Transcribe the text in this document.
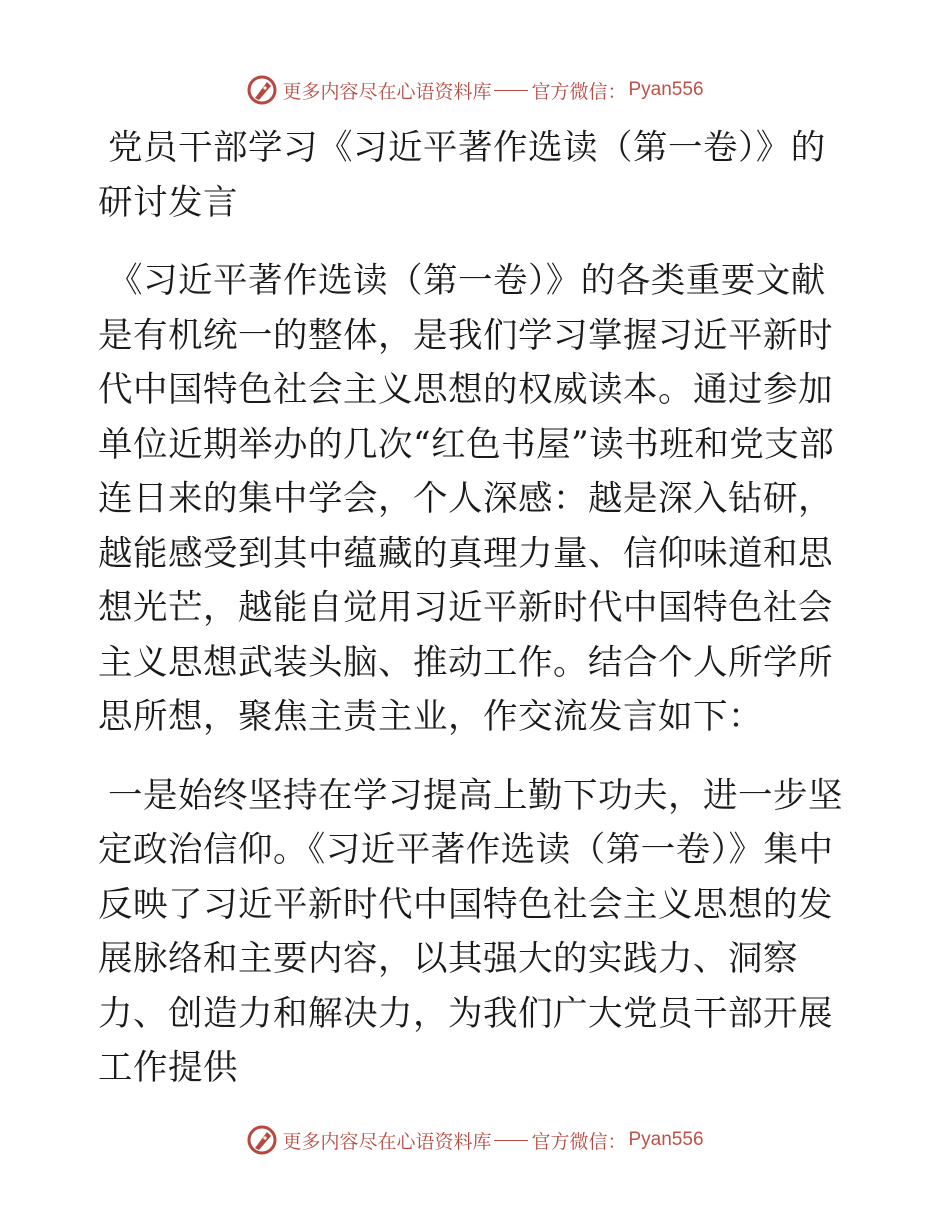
更多内容尽在心语资料库 官方微信： Pyan556

党员干部学习《习近平著作选读（第一卷）》的研讨发言

《习近平著作选读（第一卷）》的各类重要文献是有机统一的整体，是我们学习掌握习近平新时代中国特色社会主义思想的权威读本。通过参加单位近期举办的几次“红色书屋”读书班和党支部连日来的集中学会，个人深感：越是深入钻研，越能感受到其中蕴藏的真理力量、信仰味道和思想光芒，越能自觉用习近平新时代中国特色社会主义思想武装头脑、推动工作。结合个人所学所思所想，聚焦主责主业，作交流发言如下：

一是始终坚持在学习提高上勤下功夫，进一步坚定政治信仰。《习近平著作选读（第一卷）》集中反映了习近平新时代中国特色社会主义思想的发展脉络和主要内容，以其强大的实践力、洞察力、创造力和解决力，为我们广大党员干部开展工作提供

更多内容尽在心语资料库 官方微信： Pyan556
